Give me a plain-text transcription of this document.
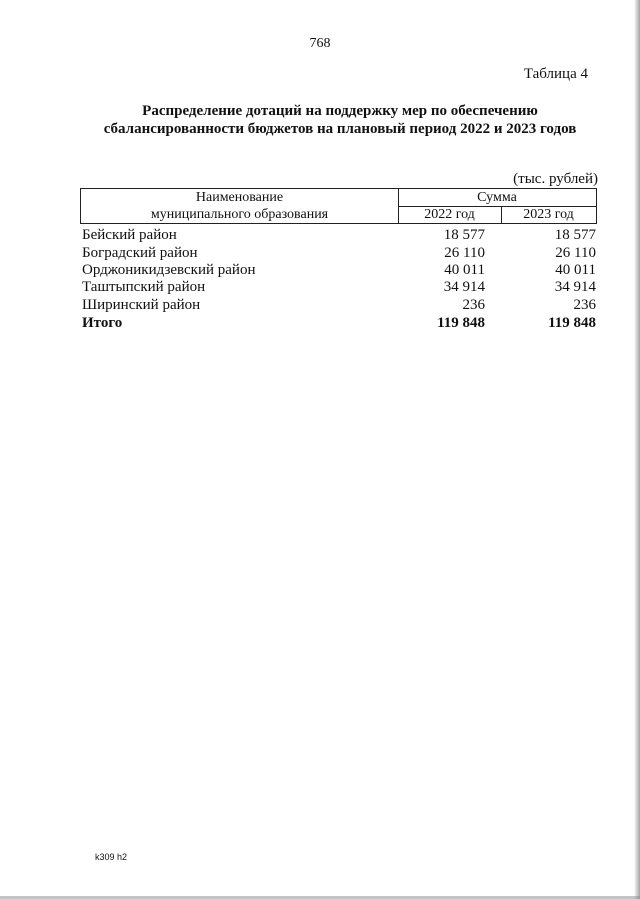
768
Таблица 4
Распределение дотаций на поддержку мер по обеспечению
сбалансированности бюджетов на плановый период 2022 и 2023 годов
(тыс. рублей)
Наименование
муниципального образования
Сумма
2022 год	2023 год
Бейский район	18 577	18 577
Боградский район	26 110	26 110
Орджоникидзевский район	40 011	40 011
Таштыпский район	34 914	34 914
Ширинский район	236	236
Итого	119 848	119 848
k309 h2
